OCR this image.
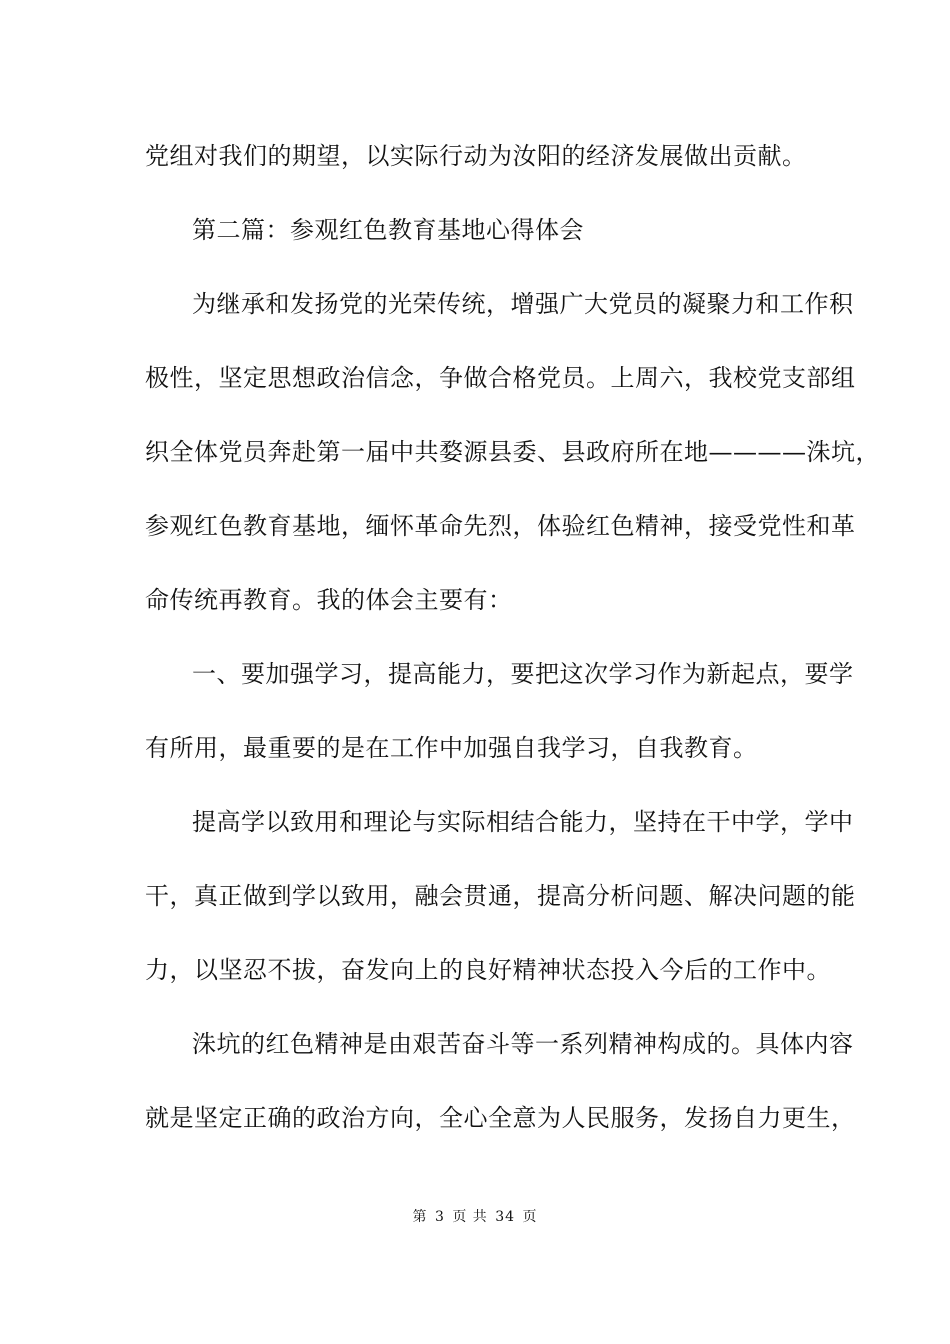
党组对我们的期望，以实际行动为汝阳的经济发展做出贡献。
第二篇：参观红色教育基地心得体会
为继承和发扬党的光荣传统，增强广大党员的凝聚力和工作积
极性，坚定思想政治信念，争做合格党员。上周六，我校党支部组
织全体党员奔赴第一届中共婺源县委、县政府所在地————洙坑，
参观红色教育基地，缅怀革命先烈，体验红色精神，接受党性和革
命传统再教育。我的体会主要有：
一、要加强学习，提高能力，要把这次学习作为新起点，要学
有所用，最重要的是在工作中加强自我学习，自我教育。
提高学以致用和理论与实际相结合能力，坚持在干中学，学中
干，真正做到学以致用，融会贯通，提高分析问题、解决问题的能
力，以坚忍不拔，奋发向上的良好精神状态投入今后的工作中。
洙坑的红色精神是由艰苦奋斗等一系列精神构成的。具体内容
就是坚定正确的政治方向，全心全意为人民服务，发扬自力更生，
第 3 页 共 34 页
